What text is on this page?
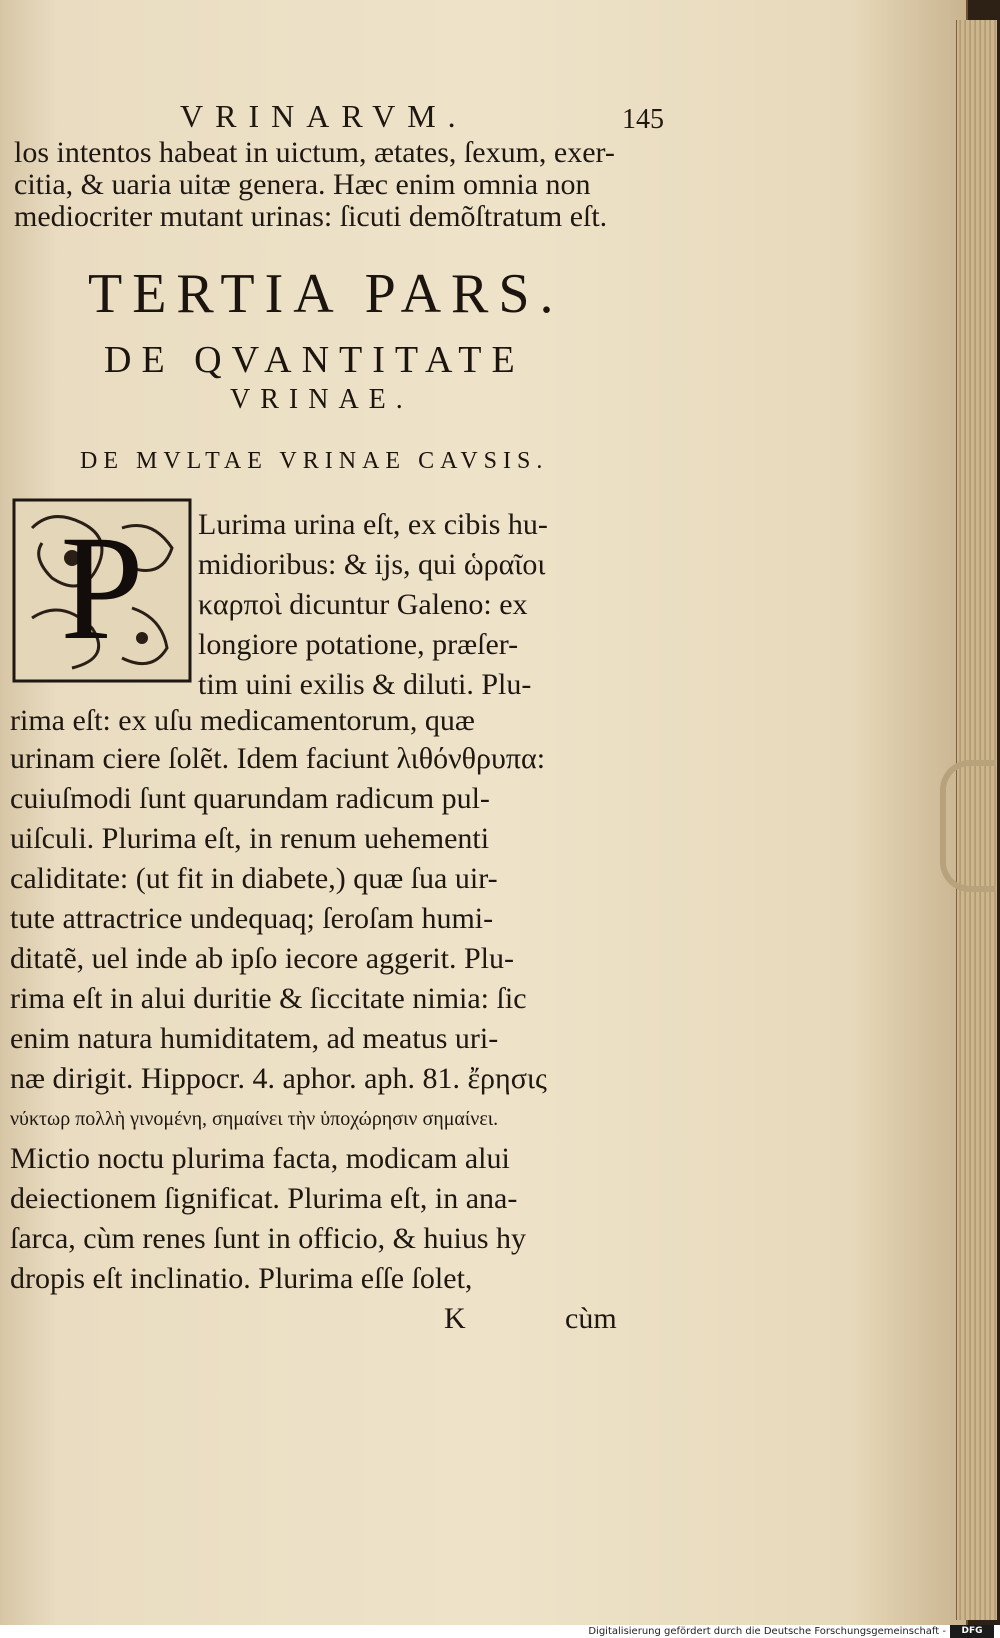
VRINARVM.	145
los intentos habeat in uictum, ætates, ſexum, exer-
citia, & uaria uitæ genera. Hæc enim omnia non
mediocriter mutant urinas: ſicuti demõſtratum eſt.
TERTIA PARS.
DE QVANTITATE
VRINAE.
DE MVLTAE VRINAE CAVSIS.
P Lurima urina eſt, ex cibis hu-
midioribus: & ijs, qui ὡραῖοι
καρποὶ dicuntur Galeno: ex
longiore potatione, præſer-
tim uini exilis & diluti. Plu-
rima eſt: ex uſu medicamentorum, quæ
urinam ciere ſolẽt. Idem faciunt λιθόνθρυπα:
cuiuſmodi ſunt quarundam radicum pul-
uiſculi. Plurima eſt, in renum uehementi
caliditate: (ut fit in diabete,) quæ ſua uir-
tute attractrice undequaq; ſeroſam humi-
ditatẽ, uel inde ab ipſo iecore aggerit. Plu-
rima eſt in alui duritie & ſiccitate nimia: ſic
enim natura humiditatem, ad meatus uri-
næ dirigit. Hippocr. 4. aphor. aph. 81. ἔρησις
νύκτωρ πολλὴ γινομένη, σημαίνει τὴν ὑποχώρησιν σημαίνει.
Mictio noctu plurima facta, modicam alui
deiectionem ſignificat. Plurima eſt, in ana-
ſarca, cùm renes ſunt in officio, & huius hy
dropis eſt inclinatio. Plurima eſſe ſolet,
K	cùm
Digitalisierung gefördert durch die Deutsche Forschungsgemeinschaft -	DFG
